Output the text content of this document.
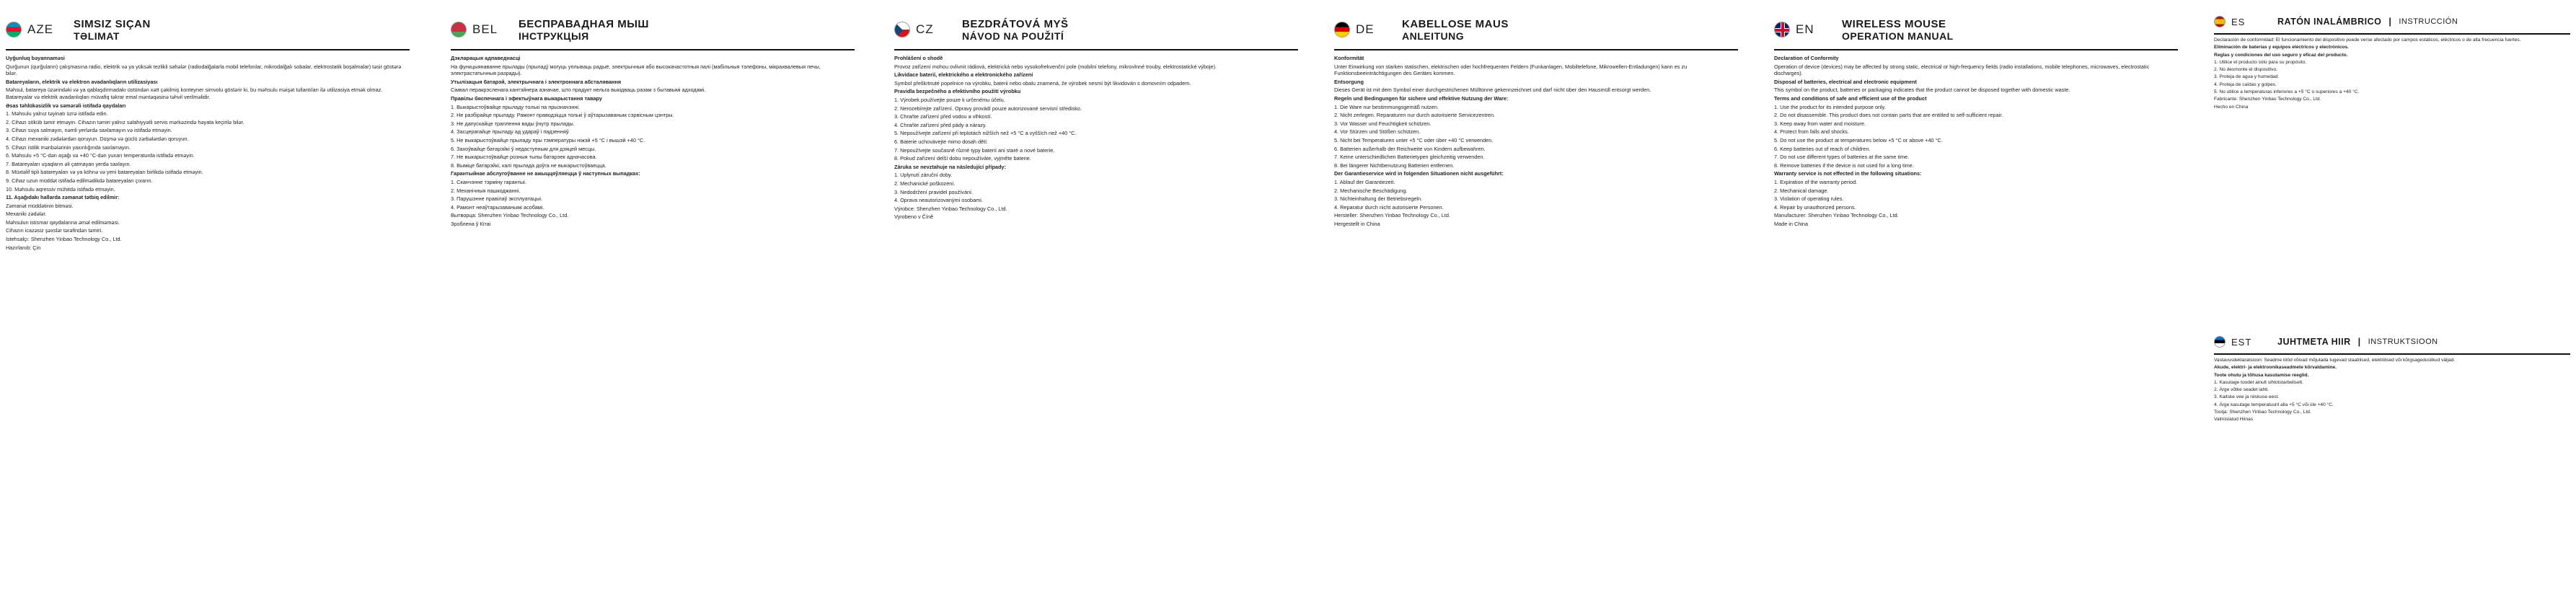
AZE	SIMSIZ SIÇAN
TƏLIMAT

Uyğunluq bəyannaməsi

Qurğunun (qurğuların) çalışmasına radio, elektrik və ya yüksək tezlikli sahələr (radiodalğalarla mobil telefonlar, mikrodalğalı sobalar, elektrostatik boşalmalar) təsir göstərə bilər.

Batareyaların, elektrik və elektron avadanlıqların utilizasiyası

Məhsul, batareya üzərindəki və ya qablaşdırmadakı üstündən xətt çəkilmiş konteyner simvolu göstərir ki, bu məhsulu məişət tullantıları ilə utilizasiya etmək olmaz. Batareyalar və elektrik avadanlıqları müvafiq təkrar emal məntəqəsinə təhvil verilməlidir.

Əsas təhlükəsizlik və səmərəli istifadə qaydaları

1. Məhsulu yalnız təyinatı üzrə istifadə edin.

2. Cihazı söküb təmir etməyin. Cihazın təmiri yalnız səlahiyyətli servis mərkəzində həyata keçirilə bilər.

3. Cihazı suya salmayın, nəmli yerlərdə saxlamayın və istifadə etməyin.

4. Cihazı mexaniki zədələrdən qoruyun. Düşmə və güclü zərbələrdən qoruyun.

5. Cihazı istilik mənbələrinin yaxınlığında saxlamayın.

6. Məhsulu +5 °C-dən aşağı və +40 °C-dən yuxarı temperaturda istifadə etməyin.

7. Batareyaları uşaqların əli çatmayan yerdə saxlayın.

8. Müxtəlif tipli batareyaları və ya köhnə və yeni batareyaları birlikdə istifadə etməyin.

9. Cihaz uzun müddət istifadə edilmədikdə batareyaları çıxarın.

10. Məhsulu aqressiv mühitdə istifadə etməyin.

11. Aşağıdakı hallarda zəmanət tətbiq edilmir:

Zəmanət müddətinin bitməsi.

Mexaniki zədələr.

Məhsulun istismar qaydalarına əməl edilməməsi.

Cihazın icazəsiz şəxslər tərəfindən təmiri.

İstehsalçı: Shenzhen Yinbao Technology Co., Ltd.

Hazırlanıb: Çin

BEL	БЕСПРАВАДНАЯ МЫШ
ІНСТРУКЦЫЯ

Дэкларацыя адпаведнасці

На функцыянаванне прылады (прылад) могуць уплываць радыё, электрычныя або высокачастотныя палі (мабільныя тэлефоны, мікрахвалевыя печы, электрастатычныя разрады).

Утылізацыя батарэй, электрычнага і электроннага абсталявання

Сімвал перакрэсленага кантэйнера азначае, што прадукт нельга выкідваць разам з бытавымі адходамі.

Правілы бяспечнага і эфектыўнага выкарыстання тавару

1. Выкарыстоўвайце прыладу толькі па прызначэнні.

2. Не разбірайце прыладу. Рамонт праводзіцца толькі ў аўтарызаваным сэрвісным цэнтры.

3. Не дапускайце траплення вады ўнутр прылады.

4. Засцерагайце прыладу ад удараў і падзенняў.

5. Не выкарыстоўвайце прыладу пры тэмпературы ніжэй +5 °C і вышэй +40 °C.

6. Захоўвайце батарэйкі ў недаступным для дзяцей месцы.

7. Не выкарыстоўвайце розныя тыпы батарэек адначасова.

8. Выміце батарэйкі, калі прылада доўга не выкарыстоўваецца.

Гарантыйнае абслугоўванне не ажыццяўляецца ў наступных выпадках:

1. Сканчэнне тэрміну гарантыі.

2. Механічныя пашкоджанні.

3. Парушэнне правілаў эксплуатацыі.

4. Рамонт неаўтарызаванымі асобамі.

Вытворца: Shenzhen Yinbao Technology Co., Ltd.

Зроблена ў Кітаі

CZ	BEZDRÁTOVÁ MYŠ
NÁVOD NA POUŽITÍ

Prohlášení o shodě

Provoz zařízení mohou ovlivnit rádiová, elektrická nebo vysokofrekvenční pole (mobilní telefony, mikrovlnné trouby, elektrostatické výboje).

Likvidace baterií, elektrického a elektronického zařízení

Symbol přeškrtnuté popelnice na výrobku, baterii nebo obalu znamená, že výrobek nesmí být likvidován s domovním odpadem.

Pravidla bezpečného a efektivního použití výrobku

1. Výrobek používejte pouze k určenému účelu.

2. Nerozebírejte zařízení. Opravy provádí pouze autorizované servisní středisko.

3. Chraňte zařízení před vodou a vlhkostí.

4. Chraňte zařízení před pády a nárazy.

5. Nepoužívejte zařízení při teplotách nižších než +5 °C a vyšších než +40 °C.

6. Baterie uchovávejte mimo dosah dětí.

7. Nepoužívejte současně různé typy baterií ani staré a nové baterie.

8. Pokud zařízení delší dobu nepoužíváte, vyjměte baterie.

Záruka se nevztahuje na následující případy:

1. Uplynutí záruční doby.

2. Mechanické poškození.

3. Nedodržení pravidel používání.

4. Oprava neautorizovanými osobami.

Výrobce: Shenzhen Yinbao Technology Co., Ltd.

Vyrobeno v Číně

DE	KABELLOSE MAUS
ANLEITUNG

Konformität

Unter Einwirkung von starken statischen, elektrischen oder hochfrequenten Feldern (Funkanlagen, Mobiltelefone, Mikrowellen-Entladungen) kann es zu Funktionsbeeinträchtigungen des Gerätes kommen.

Entsorgung

Dieses Gerät ist mit dem Symbol einer durchgestrichenen Mülltonne gekennzeichnet und darf nicht über den Hausmüll entsorgt werden.

Regeln und Bedingungen für sichere und effektive Nutzung der Ware:

1. Die Ware nur bestimmungsgemäß nutzen.

2. Nicht zerlegen. Reparaturen nur durch autorisierte Servicezentren.

3. Vor Wasser und Feuchtigkeit schützen.

4. Vor Stürzen und Stößen schützen.

5. Nicht bei Temperaturen unter +5 °C oder über +40 °C verwenden.

6. Batterien außerhalb der Reichweite von Kindern aufbewahren.

7. Keine unterschiedlichen Batterietypen gleichzeitig verwenden.

8. Bei längerer Nichtbenutzung Batterien entfernen.

Der Garantieservice wird in folgenden Situationen nicht ausgeführt:

1. Ablauf der Garantiezeit.

2. Mechanische Beschädigung.

3. Nichteinhaltung der Betriebsregeln.

4. Reparatur durch nicht autorisierte Personen.

Hersteller: Shenzhen Yinbao Technology Co., Ltd.

Hergestellt in China

EN	WIRELESS MOUSE
OPERATION MANUAL

Declaration of Conformity

Operation of device (devices) may be affected by strong static, electrical or high-frequency fields (radio installations, mobile telephones, microwaves, electrostatic discharges).

Disposal of batteries, electrical and electronic equipment

This symbol on the product, batteries or packaging indicates that the product cannot be disposed together with domestic waste.

Terms and conditions of safe and efficient use of the product

1. Use the product for its intended purpose only.

2. Do not disassemble. This product does not contain parts that are entitled to self-sufficient repair.

3. Keep away from water and moisture.

4. Protect from falls and shocks.

5. Do not use the product at temperatures below +5 °C or above +40 °C.

6. Keep batteries out of reach of children.

7. Do not use different types of batteries at the same time.

8. Remove batteries if the device is not used for a long time.

Warranty service is not effected in the following situations:

1. Expiration of the warranty period.

2. Mechanical damage.

3. Violation of operating rules.

4. Repair by unauthorized persons.

Manufacturer: Shenzhen Yinbao Technology Co., Ltd.

Made in China

ES	RATÓN INALÁMBRICO | INSTRUCCIÓN

Declaración de conformidad: El funcionamiento del dispositivo puede verse afectado por campos estáticos, eléctricos o de alta frecuencia fuertes.

Eliminación de baterías y equipos eléctricos y electrónicos.

Reglas y condiciones del uso seguro y eficaz del producto.

1. Utilice el producto sólo para su propósito.

2. No desmonte el dispositivo.

3. Proteja de agua y humedad.

4. Proteja de caídas y golpes.

5. No utilice a temperaturas inferiores a +5 °C o superiores a +40 °C.

Fabricante: Shenzhen Yinbao Technology Co., Ltd.

Hecho en China

EST	JUHTMETA HIIR | INSTRUKTSIOON

Vastavusdeklaratsioon: Seadme tööd võivad mõjutada tugevad staatilised, elektrilised või kõrgsageduslikud väljad.

Akude, elektri- ja elektroonikaseadmete kõrvaldamine.

Toote ohutu ja tõhusa kasutamise reeglid.

1. Kasutage toodet ainult sihtotstarbeliselt.

2. Ärge võtke seadet lahti.

3. Kaitske vee ja niiskuse eest.

4. Ärge kasutage temperatuuril alla +5 °C või üle +40 °C.

Tootja: Shenzhen Yinbao Technology Co., Ltd.

Valmistatud Hiinas
